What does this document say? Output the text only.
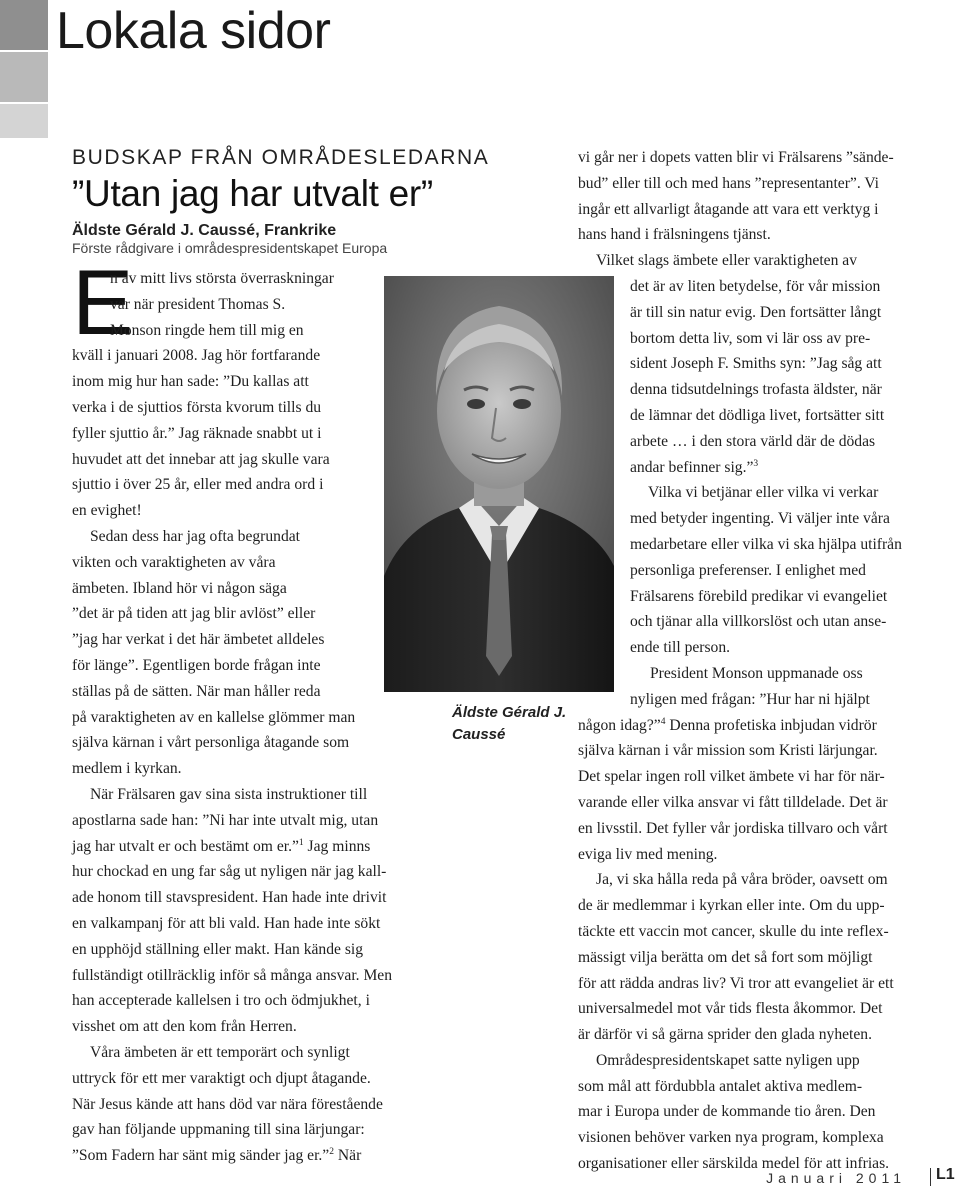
Lokala sidor
BUDSKAP FRÅN OMRÅDESLEDARNA
”Utan jag har utvalt er”
Äldste Gérald J. Caussé, Frankrike
Förste rådgivare i områdespresidentskapet Europa
E
n av mitt livs största överraskningar
var när president Thomas S.
Monson ringde hem till mig en
kväll i januari 2008. Jag hör fortfarande
inom mig hur han sade: ”Du kallas att
verka i de sjuttios första kvorum tills du
fyller sjuttio år.” Jag räknade snabbt ut i
huvudet att det innebar att jag skulle vara
sjuttio i över 25 år, eller med andra ord i
en evighet!
Sedan dess har jag ofta begrundat
vikten och varaktigheten av våra
ämbeten. Ibland hör vi någon säga
”det är på tiden att jag blir avlöst” eller
”jag har verkat i det här ämbetet alldeles
för länge”. Egentligen borde frågan inte
ställas på de sätten. När man håller reda
på varaktigheten av en kallelse glömmer man
själva kärnan i vårt personliga åtagande som
medlem i kyrkan.
När Frälsaren gav sina sista instruktioner till
apostlarna sade han: ”Ni har inte utvalt mig, utan
jag har utvalt er och bestämt om er.”$^1$ Jag minns
hur chockad en ung far såg ut nyligen när jag kall-
ade honom till stavspresident. Han hade inte drivit
en valkampanj för att bli vald. Han hade inte sökt
en upphöjd ställning eller makt. Han kände sig
fullständigt otillräcklig inför så många ansvar. Men
han accepterade kallelsen i tro och ödmjukhet, i
visshet om att den kom från Herren.
Våra ämbeten är ett temporärt och synligt
uttryck för ett mer varaktigt och djupt åtagande.
När Jesus kände att hans död var nära förestående
gav han följande uppmaning till sina lärjungar:
”Som Fadern har sänt mig sänder jag er.”$^2$ När
Äldste Gérald J. Caussé
vi går ner i dopets vatten blir vi Frälsarens ”sände-
bud” eller till och med hans ”representanter”. Vi
ingår ett allvarligt åtagande att vara ett verktyg i
hans hand i frälsningens tjänst.
Vilket slags ämbete eller varaktigheten av
det är av liten betydelse, för vår mission
är till sin natur evig. Den fortsätter långt
bortom detta liv, som vi lär oss av pre-
sident Joseph F. Smiths syn: ”Jag såg att
denna tidsutdelnings trofasta äldster, när
de lämnar det dödliga livet, fortsätter sitt
arbete … i den stora värld där de dödas
andar befinner sig.”$^3$
Vilka vi betjänar eller vilka vi verkar
med betyder ingenting. Vi väljer inte våra
medarbetare eller vilka vi ska hjälpa utifrån
personliga preferenser. I enlighet med
Frälsarens förebild predikar vi evangeliet
och tjänar alla villkorslöst och utan anse-
ende till person.
President Monson uppmanade oss
nyligen med frågan: ”Hur har ni hjälpt
någon idag?”$^4$ Denna profetiska inbjudan vidrör
själva kärnan i vår mission som Kristi lärjungar.
Det spelar ingen roll vilket ämbete vi har för när-
varande eller vilka ansvar vi fått tilldelade. Det är
en livsstil. Det fyller vår jordiska tillvaro och vårt
eviga liv med mening.
Ja, vi ska hålla reda på våra bröder, oavsett om
de är medlemmar i kyrkan eller inte. Om du upp-
täckte ett vaccin mot cancer, skulle du inte reflex-
mässigt vilja berätta om det så fort som möjligt
för att rädda andras liv? Vi tror att evangeliet är ett
universalmedel mot vår tids flesta åkommor. Det
är därför vi så gärna sprider den glada nyheten.
Områdespresidentskapet satte nyligen upp
som mål att fördubbla antalet aktiva medlem-
mar i Europa under de kommande tio åren. Den
visionen behöver varken nya program, komplexa
organisationer eller särskilda medel för att infrias.
Januari 2011 L1
